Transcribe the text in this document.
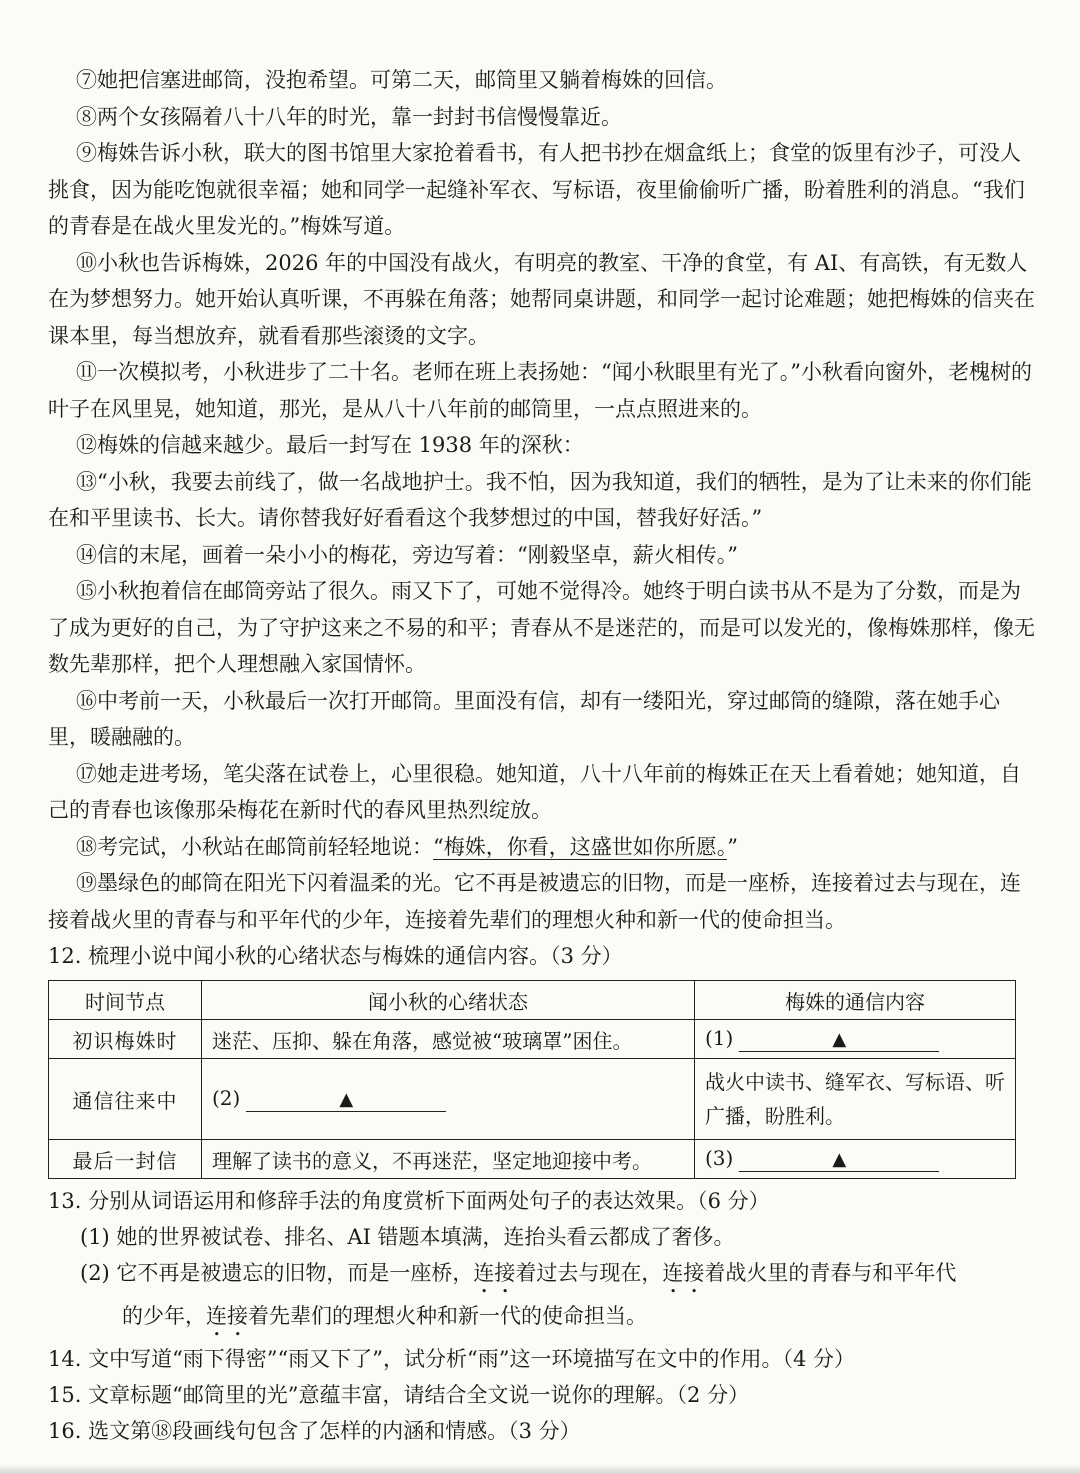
⑦她把信塞进邮筒，没抱希望。可第二天，邮筒里又躺着梅姝的回信。

⑧两个女孩隔着八十八年的时光，靠一封封书信慢慢靠近。

⑨梅姝告诉小秋，联大的图书馆里大家抢着看书，有人把书抄在烟盒纸上；食堂的饭里有沙子，可没人挑食，因为能吃饱就很幸福；她和同学一起缝补军衣、写标语，夜里偷偷听广播，盼着胜利的消息。“我们的青春是在战火里发光的。”梅姝写道。

⑩小秋也告诉梅姝，2026 年的中国没有战火，有明亮的教室、干净的食堂，有 AI、有高铁，有无数人在为梦想努力。她开始认真听课，不再躲在角落；她帮同桌讲题，和同学一起讨论难题；她把梅姝的信夹在课本里，每当想放弃，就看看那些滚烫的文字。

⑪一次模拟考，小秋进步了二十名。老师在班上表扬她：“闻小秋眼里有光了。”小秋看向窗外，老槐树的叶子在风里晃，她知道，那光，是从八十八年前的邮筒里，一点点照进来的。

⑫梅姝的信越来越少。最后一封写在 1938 年的深秋：

⑬“小秋，我要去前线了，做一名战地护士。我不怕，因为我知道，我们的牺牲，是为了让未来的你们能在和平里读书、长大。请你替我好好看看这个我梦想过的中国，替我好好活。”

⑭信的末尾，画着一朵小小的梅花，旁边写着：“刚毅坚卓，薪火相传。”

⑮小秋抱着信在邮筒旁站了很久。雨又下了，可她不觉得冷。她终于明白读书从不是为了分数，而是为了成为更好的自己，为了守护这来之不易的和平；青春从不是迷茫的，而是可以发光的，像梅姝那样，像无数先辈那样，把个人理想融入家国情怀。

⑯中考前一天，小秋最后一次打开邮筒。里面没有信，却有一缕阳光，穿过邮筒的缝隙，落在她手心里，暖融融的。

⑰她走进考场，笔尖落在试卷上，心里很稳。她知道，八十八年前的梅姝正在天上看着她；她知道，自己的青春也该像那朵梅花在新时代的春风里热烈绽放。

⑱考完试，小秋站在邮筒前轻轻地说：“梅姝，你看，这盛世如你所愿。”

⑲墨绿色的邮筒在阳光下闪着温柔的光。它不再是被遗忘的旧物，而是一座桥，连接着过去与现在，连接着战火里的青春与和平年代的少年，连接着先辈们的理想火种和新一代的使命担当。

12. 梳理小说中闻小秋的心绪状态与梅姝的通信内容。（3 分）

时间节点	闻小秋的心绪状态	梅姝的通信内容
初识梅姝时	迷茫、压抑、躲在角落，感觉被“玻璃罩”困住。	(1) ▲
通信往来中	(2) ▲	战火中读书、缝军衣、写标语、听广播，盼胜利。
最后一封信	理解了读书的意义，不再迷茫，坚定地迎接中考。	(3) ▲

13. 分别从词语运用和修辞手法的角度赏析下面两处句子的表达效果。（6 分）

(1) 她的世界被试卷、排名、AI 错题本填满，连抬头看云都成了奢侈。

(2) 它不再是被遗忘的旧物，而是一座桥，连接着过去与现在，连接着战火里的青春与和平年代
的少年，连接着先辈们的理想火种和新一代的使命担当。

14. 文中写道“雨下得密”“雨又下了”，试分析“雨”这一环境描写在文中的作用。（4 分）

15. 文章标题“邮筒里的光”意蕴丰富，请结合全文说一说你的理解。（2 分）

16. 选文第⑱段画线句包含了怎样的内涵和情感。（3 分）
